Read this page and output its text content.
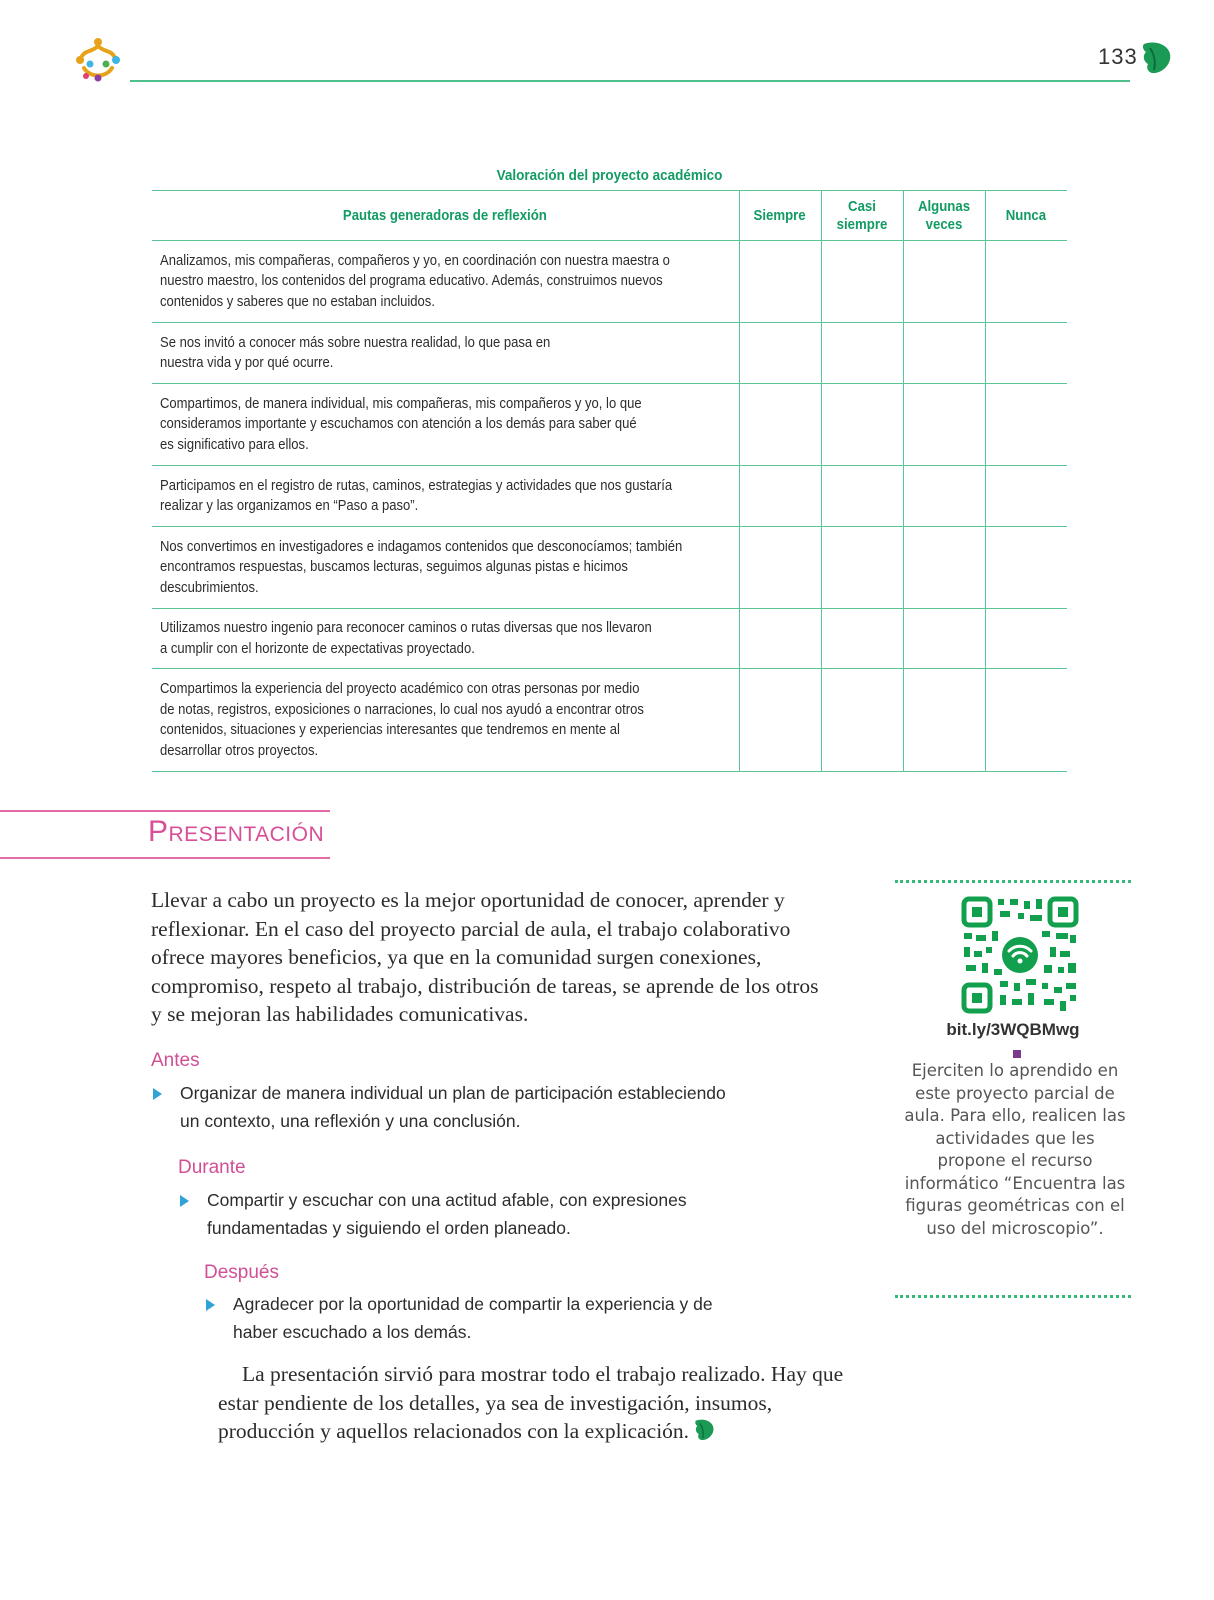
133
Valoración del proyecto académico
Pautas generadoras de reflexión	Siempre	Casi siempre	Algunas veces	Nunca

Analizamos, mis compañeras, compañeros y yo, en coordinación con nuestra maestra o nuestro maestro, los contenidos del programa educativo. Además, construimos nuevos contenidos y saberes que no estaban incluidos.				

Se nos invitó a conocer más sobre nuestra realidad, lo que pasa en nuestra vida y por qué ocurre.				

Compartimos, de manera individual, mis compañeras, mis compañeros y yo, lo que consideramos importante y escuchamos con atención a los demás para saber qué es significativo para ellos.				

Participamos en el registro de rutas, caminos, estrategias y actividades que nos gustaría realizar y las organizamos en “Paso a paso”.				

Nos convertimos en investigadores e indagamos contenidos que desconocíamos; también encontramos respuestas, buscamos lecturas, seguimos algunas pistas e hicimos descubrimientos.				

Utilizamos nuestro ingenio para reconocer caminos o rutas diversas que nos llevaron a cumplir con el horizonte de expectativas proyectado.				

Compartimos la experiencia del proyecto académico con otras personas por medio de notas, registros, exposiciones o narraciones, lo cual nos ayudó a encontrar otros contenidos, situaciones y experiencias interesantes que tendremos en mente al desarrollar otros proyectos.				

Presentación

Llevar a cabo un proyecto es la mejor oportunidad de conocer, aprender y reflexionar. En el caso del proyecto parcial de aula, el trabajo colaborativo ofrece mayores beneficios, ya que en la comunidad surgen conexiones, compromiso, respeto al trabajo, distribución de tareas, se aprende de los otros y se mejoran las habilidades comunicativas.

Antes
Organizar de manera individual un plan de participación estableciendo un contexto, una reflexión y una conclusión.
Durante
Compartir y escuchar con una actitud afable, con expresiones fundamentadas y siguiendo el orden planeado.
Después
Agradecer por la oportunidad de compartir la experiencia y de haber escuchado a los demás.

La presentación sirvió para mostrar todo el trabajo realizado. Hay que estar pendiente de los detalles, ya sea de investigación, insumos, producción y aquellos relacionados con la explicación.

bit.ly/3WQBMwg
Ejerciten lo aprendido en este proyecto parcial de aula. Para ello, realicen las actividades que les propone el recurso informático “Encuentra las figuras geométricas con el uso del microscopio”.
